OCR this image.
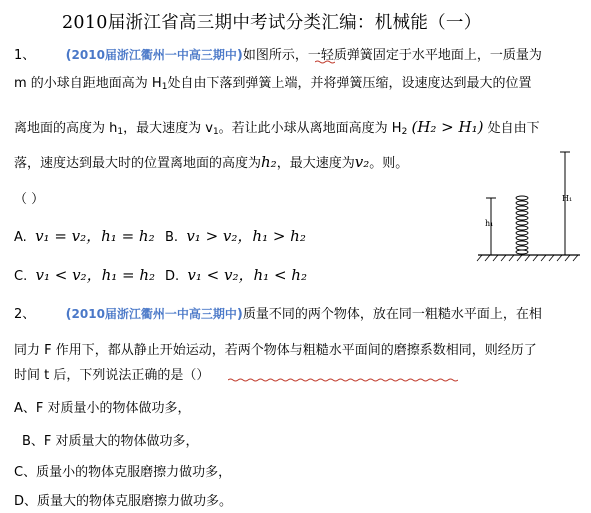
2010届浙江省高三期中考试分类汇编：机械能（一）
1、 (2010届浙江衢州一中高三期中)如图所示，一轻质弹簧固定于水平地面上，一质量为
m 的小球自距地面高为 $H_1$处自由下落到弹簧上端，并将弹簧压缩，设速度达到最大的位置
离地面的高度为 $h_1$，最大速度为 $v_1$。若让此小球从离地面高度为 $H_2$ (H₂ > H₁) 处自由下
落，速度达到最大时的位置离地面的高度为h₂，最大速度为v₂。则。
（ ）
A. v₁ = v₂，h₁ = h₂ B. v₁ > v₂，h₁ > h₂
C. v₁ < v₂，h₁ = h₂ D. v₁ < v₂，h₁ < h₂
h₁
H₁
2、 (2010届浙江衢州一中高三期中)质量不同的两个物体，放在同一粗糙水平面上，在相
同力 F 作用下，都从静止开始运动，若两个物体与粗糙水平面间的磨擦系数相同，则经历了
时间 t 后，下列说法正确的是（）
A、F 对质量小的物体做功多，
B、F 对质量大的物体做功多，
C、质量小的物体克服磨擦力做功多，
D、质量大的物体克服磨擦力做功多。
